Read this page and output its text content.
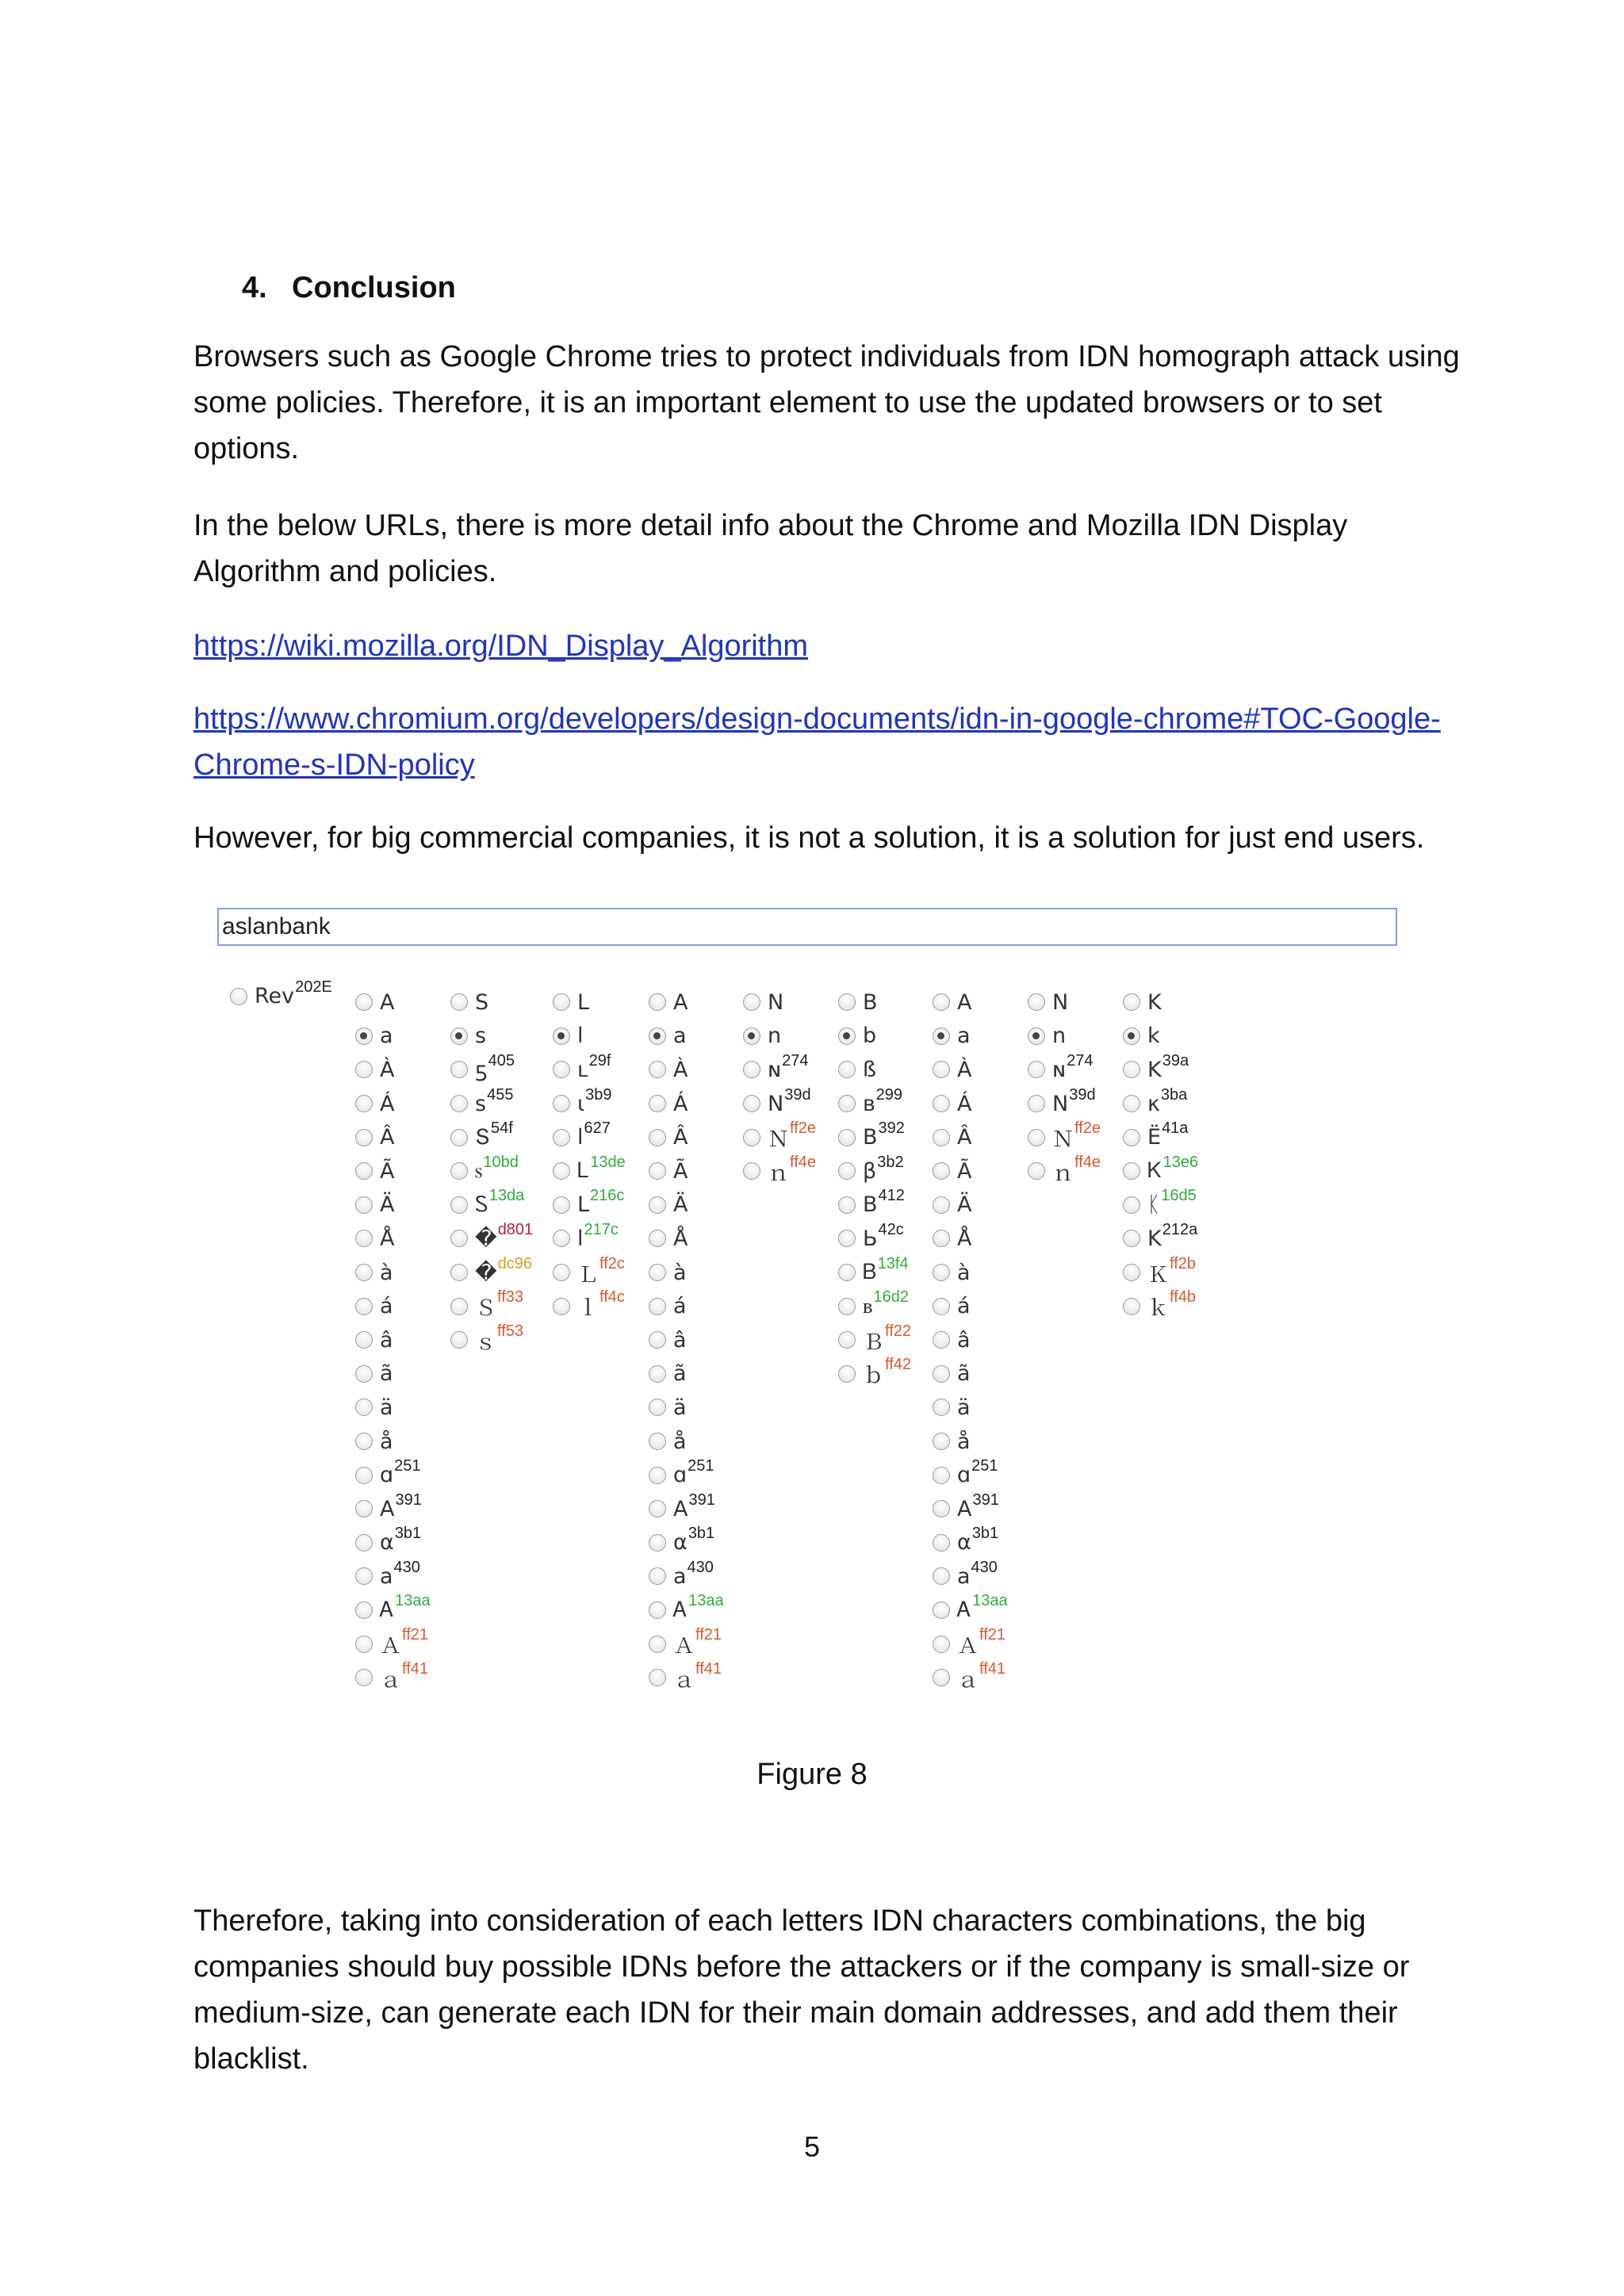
4. Conclusion

Browsers such as Google Chrome tries to protect individuals from IDN homograph attack using some policies. Therefore, it is an important element to use the updated browsers or to set options.

In the below URLs, there is more detail info about the Chrome and Mozilla IDN Display Algorithm and policies.

https://wiki.mozilla.org/IDN_Display_Algorithm
https://www.chromium.org/developers/design-documents/idn-in-google-chrome#TOC-Google-Chrome-s-IDN-policy

However, for big commercial companies, it is not a solution, it is a solution for just end users.

aslanbank
Rev 202E
A
a
À
Á
Â
Ã
Ä
Å
à
á
â
ã
ä
å
ɑ 251
Α 391
α 3b1
а 430
Ꭺ 13aa
Ａ ff21
ａ ff41
S
s
ƽ 405
ѕ 455
Տ 54f
ꮪ 10bd
Ꮪ 13da
� d801
� dc96
Ｓ ff33
ｓ ff53
L
l
ʟ 29f
ι 3b9
ا 627
Ꮮ 13de
Ⅼ 216c
ⅼ 217c
Ｌ ff2c
ｌ ff4c
A
a
À
Á
Â
Ã
Ä
Å
à
á
â
ã
ä
å
ɑ 251
Α 391
α 3b1
а 430
Ꭺ 13aa
Ａ ff21
ａ ff41
N
n
ɴ 274
Ν 39d
Ｎ ff2e
ｎ ff4e
B
b
ß
ʙ 299
Β 392
β 3b2
В 412
Ь 42c
Ᏼ 13f4
ᏼ 16d2
Ｂ ff22
ｂ ff42
A
a
À
Á
Â
Ã
Ä
Å
à
á
â
ã
ä
å
ɑ 251
Α 391
α 3b1
а 430
Ꭺ 13aa
Ａ ff21
ａ ff41
N
n
ɴ 274
Ν 39d
Ｎ ff2e
ｎ ff4e
K
k
Κ 39a
κ 3ba
Ё 41a
Ꮶ 13e6
ᛕ 16d5
K 212a
Ｋ ff2b
ｋ ff4b
Figure 8

Therefore, taking into consideration of each letters IDN characters combinations, the big companies should buy possible IDNs before the attackers or if the company is small-size or medium-size, can generate each IDN for their main domain addresses, and add them their blacklist.

5
